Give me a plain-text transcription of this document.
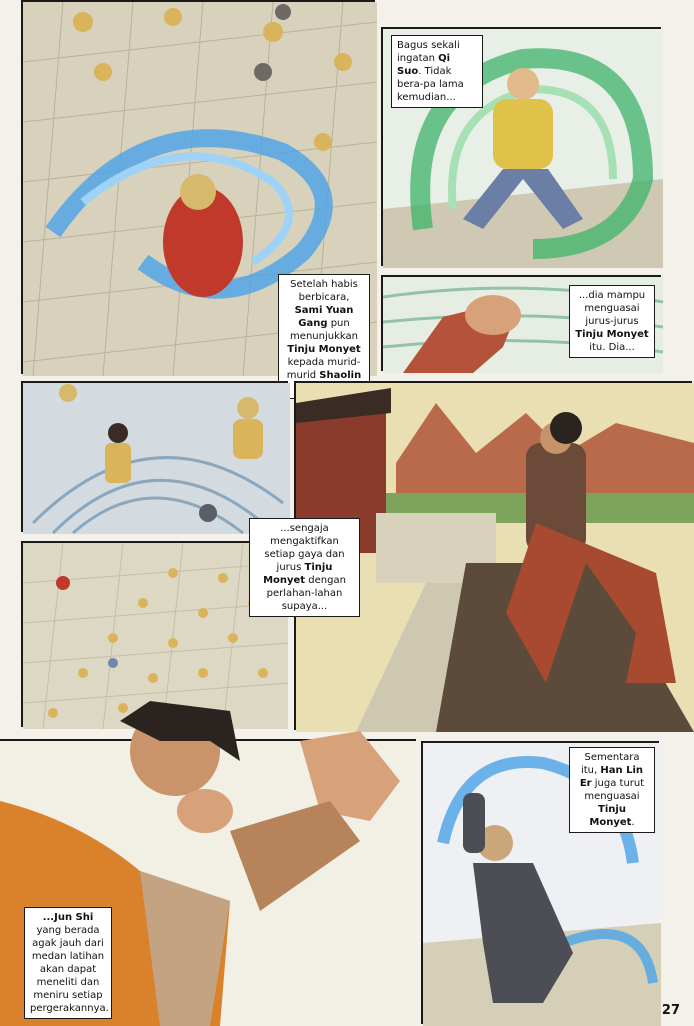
Setelah habis berbicara, Sami Yuan Gang pun menunjukkan Tinju Monyet kepada murid-murid Shaolin
Bagus sekali ingatan Qi Suo. Tidak bera-pa lama kemudian...
...dia mampu menguasai jurus-jurus Tinju Monyet itu. Dia...
...sengaja mengaktifkan setiap gaya dan jurus Tinju Monyet dengan perlahan-lahan supaya...
...Jun Shi yang berada agak jauh dari medan latihan akan dapat meneliti dan meniru setiap pergerakannya.
Sementara itu, Han Lin Er juga turut menguasai Tinju Monyet.
27
